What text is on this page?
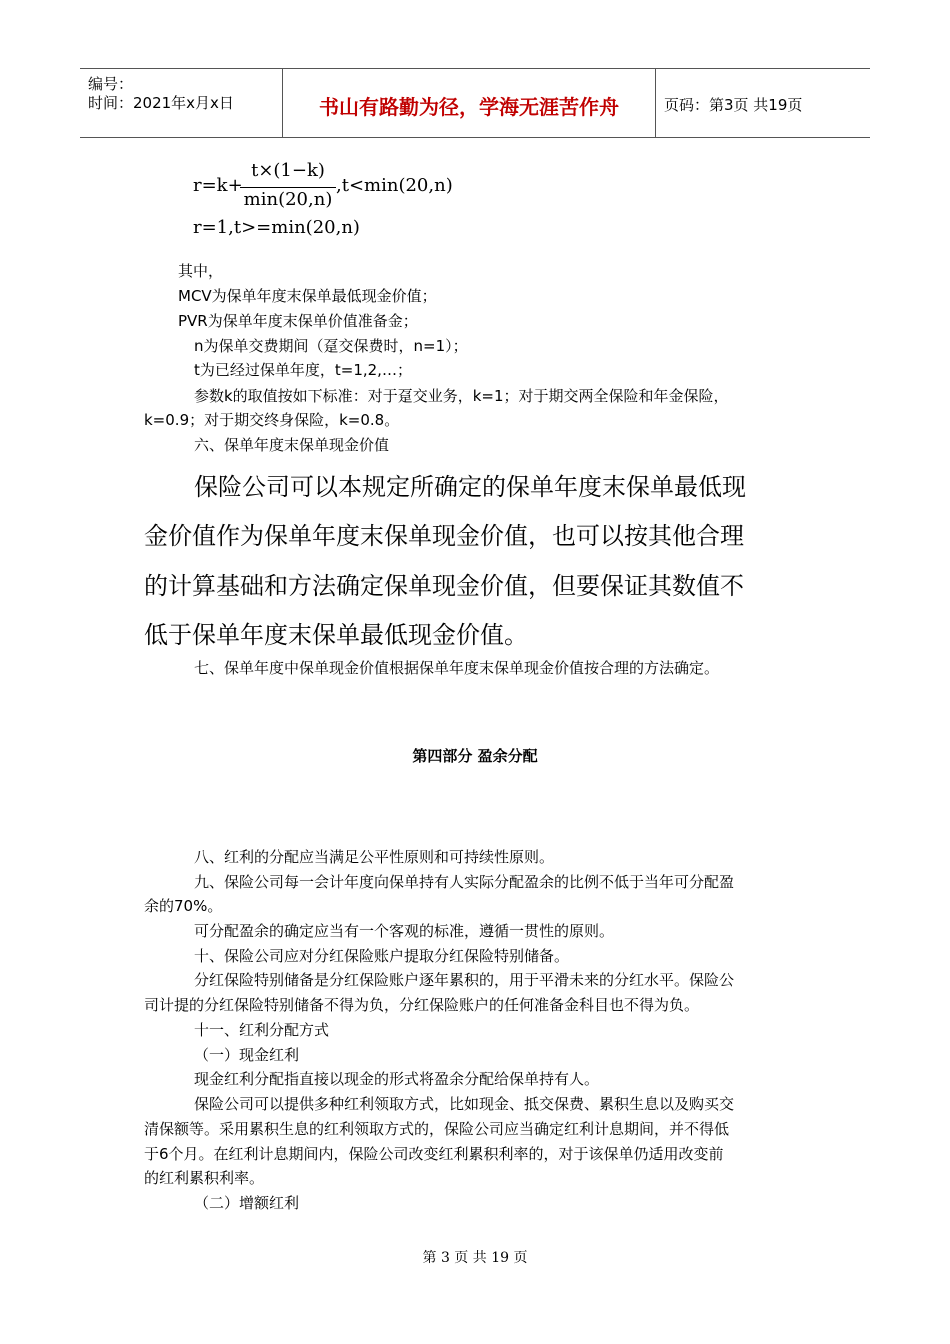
编号：
时间：2021年x月x日	书山有路勤为径，学海无涯苦作舟	页码：第3页 共19页
r=k+
t×(1−k)
min(20,n)
,t<min(20,n)
r=1,t>=min(20,n)
其中，
MCV为保单年度末保单最低现金价值；
PVR为保单年度末保单价值准备金；
n为保单交费期间（趸交保费时，n=1）；
t为已经过保单年度，t=1,2,…；
参数k的取值按如下标准：对于趸交业务，k=1；对于期交两全保险和年金保险，
k=0.9；对于期交终身保险，k=0.8。
六、保单年度末保单现金价值
保险公司可以本规定所确定的保单年度末保单最低现
金价值作为保单年度末保单现金价值，也可以按其他合理
的计算基础和方法确定保单现金价值，但要保证其数值不
低于保单年度末保单最低现金价值。
七、保单年度中保单现金价值根据保单年度末保单现金价值按合理的方法确定。
第四部分 盈余分配
八、红利的分配应当满足公平性原则和可持续性原则。
九、保险公司每一会计年度向保单持有人实际分配盈余的比例不低于当年可分配盈
余的70%。
可分配盈余的确定应当有一个客观的标准，遵循一贯性的原则。
十、保险公司应对分红保险账户提取分红保险特别储备。
分红保险特别储备是分红保险账户逐年累积的，用于平滑未来的分红水平。保险公
司计提的分红保险特别储备不得为负，分红保险账户的任何准备金科目也不得为负。
十一、红利分配方式
（一）现金红利
现金红利分配指直接以现金的形式将盈余分配给保单持有人。
保险公司可以提供多种红利领取方式，比如现金、抵交保费、累积生息以及购买交
清保额等。采用累积生息的红利领取方式的，保险公司应当确定红利计息期间，并不得低
于6个月。在红利计息期间内，保险公司改变红利累积利率的，对于该保单仍适用改变前
的红利累积利率。
（二）增额红利
第 3 页 共 19 页
